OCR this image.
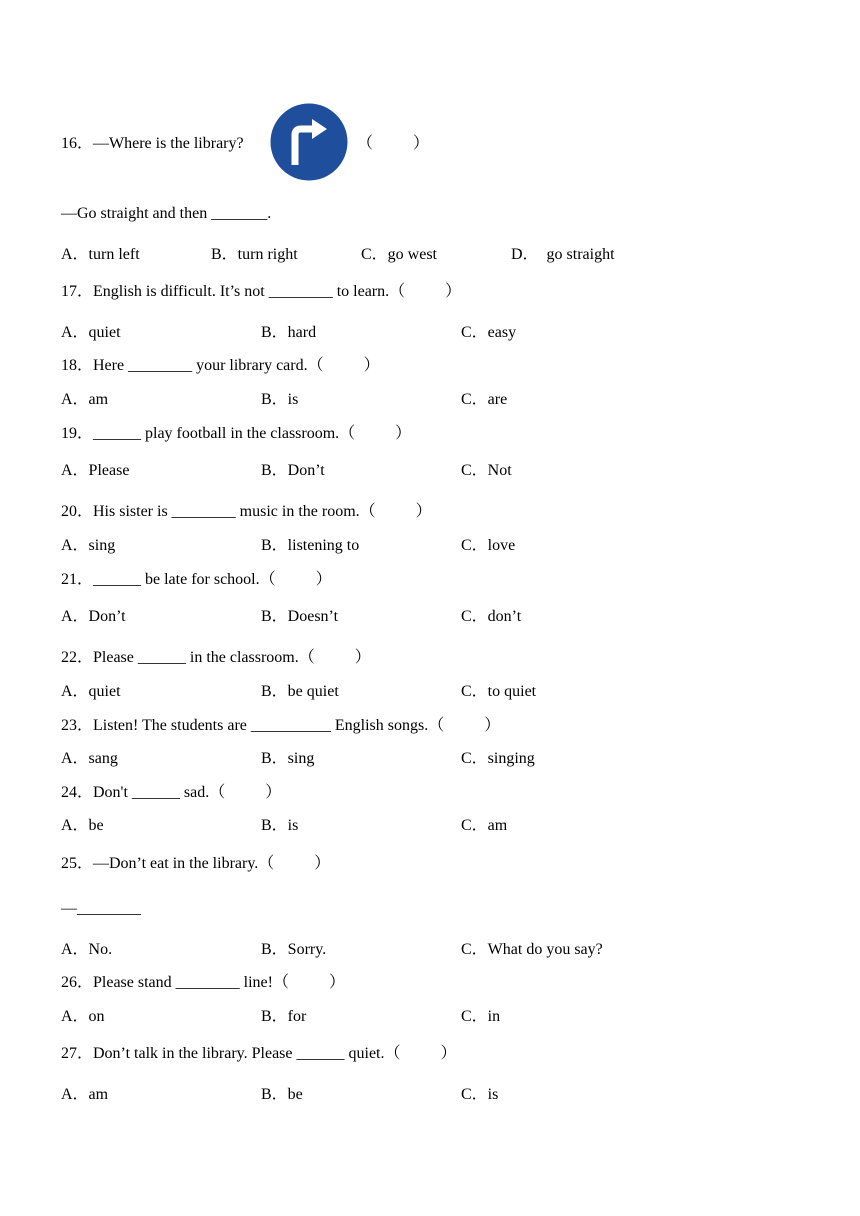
16．—Where is the library?	（          ）
—Go straight and then _______.
A．turn left	B．turn right	C．go west	D．  go straight
17．English is difficult. It’s not ________ to learn.（          ）
A．quiet	B．hard	C．easy
18．Here ________ your library card.（          ）
A．am	B．is	C．are
19．______ play football in the classroom.（          ）
A．Please	B．Don’t	C．Not
20．His sister is ________ music in the room.（          ）
A．sing	B．listening to	C．love
21．______ be late for school.（          ）
A．Don’t	B．Doesn’t	C．don’t
22．Please ______ in the classroom.（          ）
A．quiet	B．be quiet	C．to quiet
23．Listen! The students are __________ English songs.（          ）
A．sang	B．sing	C．singing
24．Don't ______ sad.（          ）
A．be	B．is	C．am
25．—Don’t eat in the library.（          ）
—________
A．No.	B．Sorry.	C．What do you say?
26．Please stand ________ line!（          ）
A．on	B．for	C．in
27．Don’t talk in the library. Please ______ quiet.（          ）
A．am	B．be	C．is
